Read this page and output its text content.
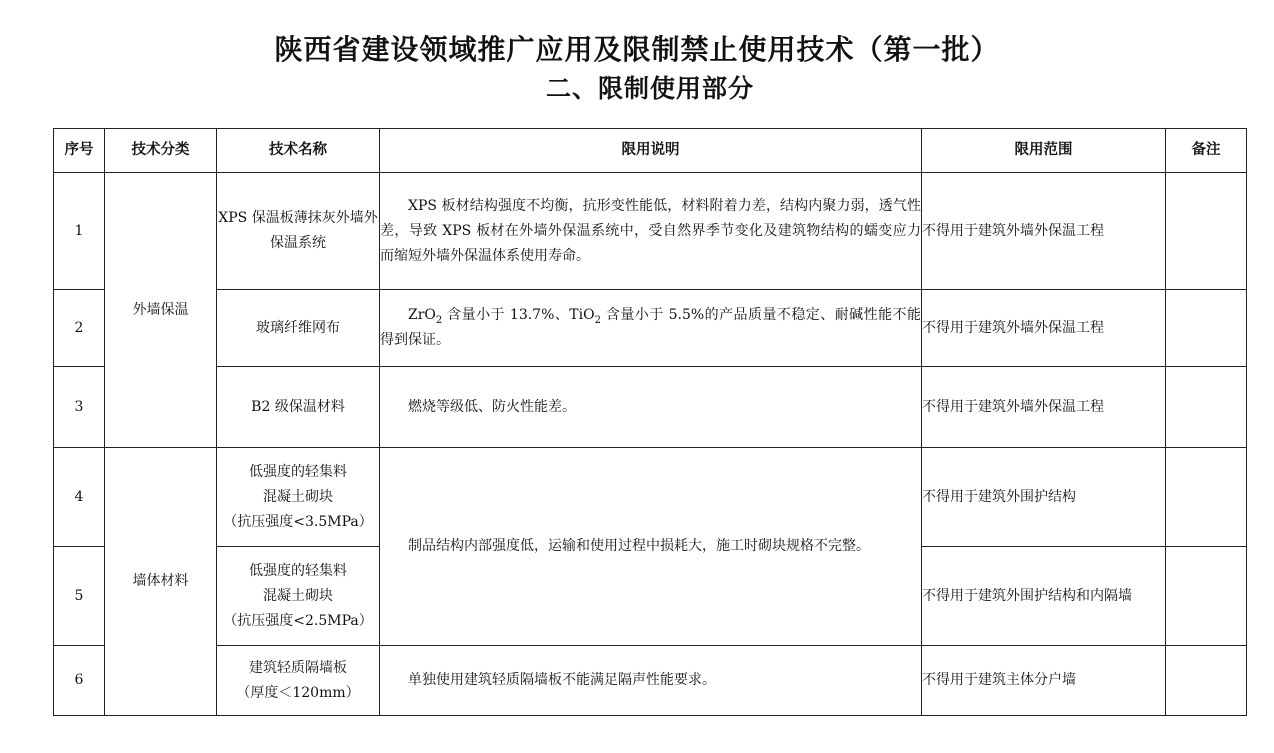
陕西省建设领域推广应用及限制禁止使用技术（第一批）
二、限制使用部分
序号	技术分类	技术名称	限用说明	限用范围	备注
1	外墙保温	XPS 保温板薄抹灰外墙外保温系统	XPS 板材结构强度不均衡，抗形变性能低，材料附着力差，结构内聚力弱，透气性差，导致 XPS 板材在外墙外保温系统中，受自然界季节变化及建筑物结构的蠕变应力而缩短外墙外保温体系使用寿命。	不得用于建筑外墙外保温工程	
2		玻璃纤维网布	ZrO$_2$ 含量小于 13.7%、TiO$_2$ 含量小于 5.5%的产品质量不稳定、耐碱性能不能得到保证。	不得用于建筑外墙外保温工程	
3		B2 级保温材料	燃烧等级低、防火性能差。	不得用于建筑外墙外保温工程	
4	墙体材料	低强度的轻集料
混凝土砌块
（抗压强度<3.5MPa）	制品结构内部强度低，运输和使用过程中损耗大，施工时砌块规格不完整。	不得用于建筑外围护结构	
5		低强度的轻集料
混凝土砌块
（抗压强度<2.5MPa）		不得用于建筑外围护结构和内隔墙	
6		建筑轻质隔墙板
（厚度＜120mm）	单独使用建筑轻质隔墙板不能满足隔声性能要求。	不得用于建筑主体分户墙	
